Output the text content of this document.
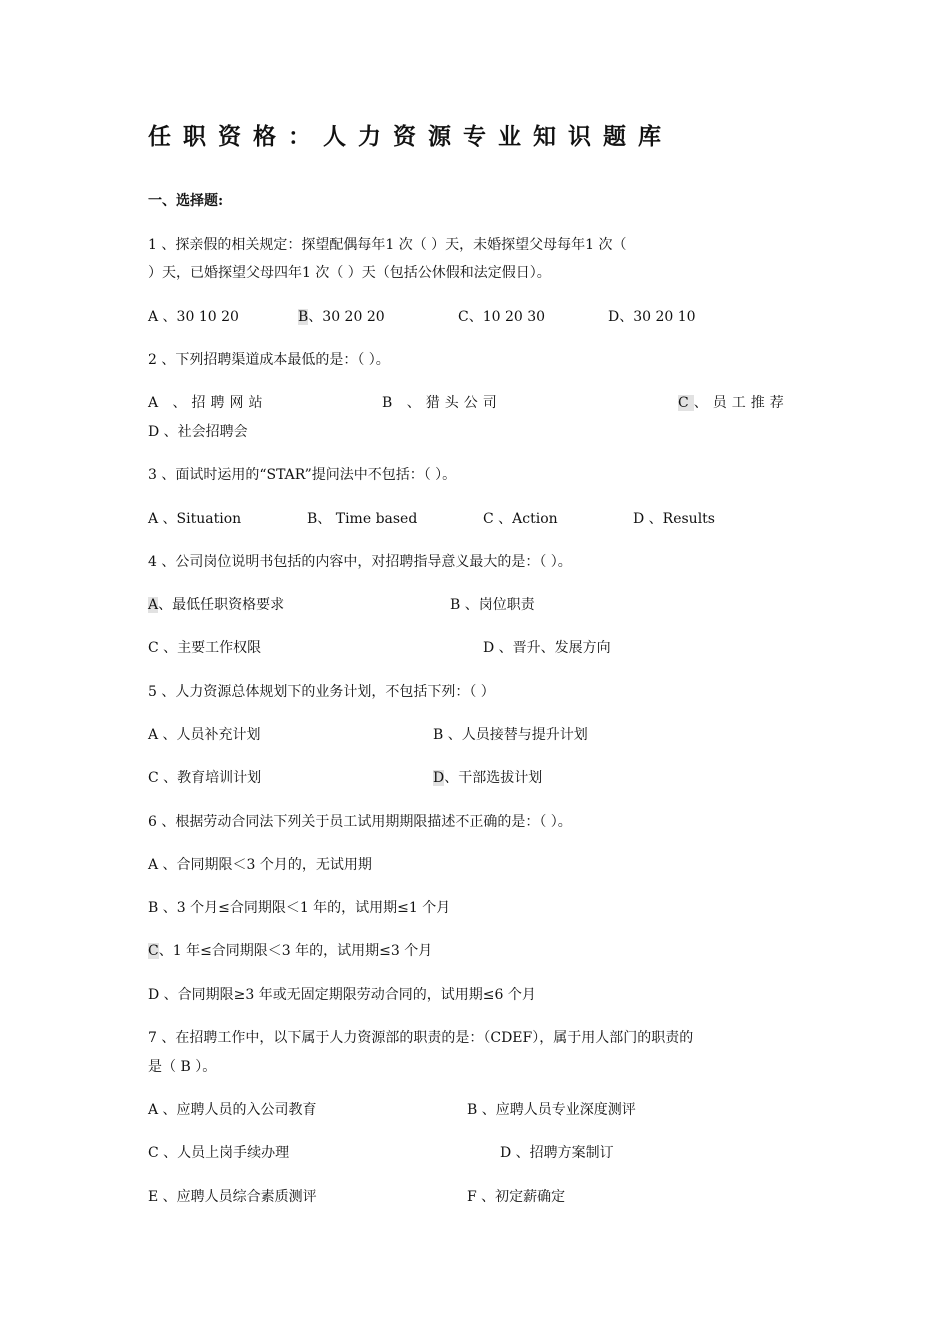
任职资格：人力资源专业知识题库
一、选择题:
1 、探亲假的相关规定：探望配偶每年1 次（ ）天，未婚探望父母每年1 次（
）天，已婚探望父母四年1 次（ ）天（包括公休假和法定假日）。
A 、30 10 20	B、30 20 20	C、10 20 30	D、30 20 10
2 、下列招聘渠道成本最低的是：（ ）。
A 、招聘网站	B 、猎头公司	C、员工推荐
D 、社会招聘会
3 、面试时运用的“STAR”提问法中不包括：（ ）。
A 、Situation	B、 Time based	C 、Action	D 、Results
4 、公司岗位说明书包括的内容中，对招聘指导意义最大的是：（ ）。
A、最低任职资格要求	B 、岗位职责
C 、主要工作权限	D 、晋升、发展方向
5 、人力资源总体规划下的业务计划，不包括下列：（ ）
A 、人员补充计划	B 、人员接替与提升计划
C 、教育培训计划	D、干部选拔计划
6 、根据劳动合同法下列关于员工试用期期限描述不正确的是：（ ）。
A 、合同期限＜3 个月的，无试用期
B 、3 个月≤合同期限＜1 年的，试用期≤1 个月
C、1 年≤合同期限＜3 年的，试用期≤3 个月
D 、合同期限≥3 年或无固定期限劳动合同的，试用期≤6 个月
7 、在招聘工作中，以下属于人力资源部的职责的是：（CDEF），属于用人部门的职责的
是（ B ）。
A 、应聘人员的入公司教育	B 、应聘人员专业深度测评
C 、人员上岗手续办理	D 、招聘方案制订
E 、应聘人员综合素质测评	F 、初定薪确定
